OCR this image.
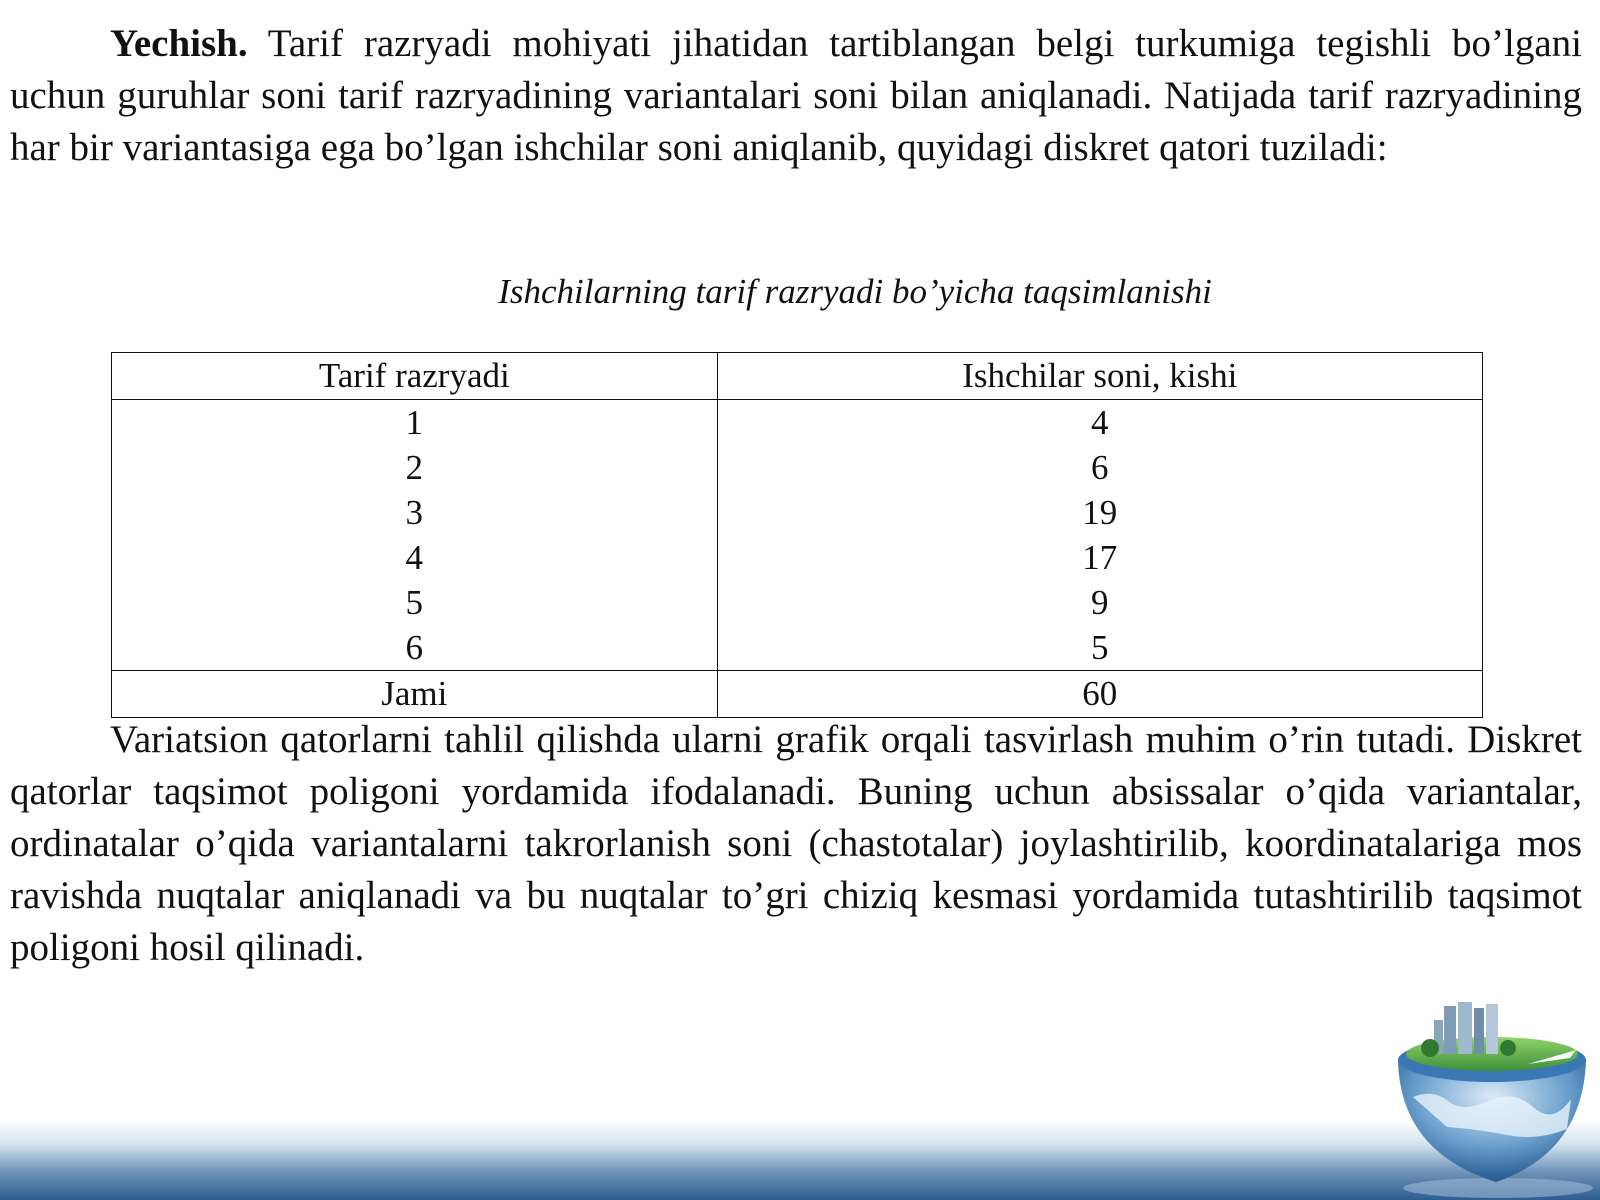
Yechish. Tarif razryadi mohiyati jihatidan tartiblangan belgi turkumiga tegishli bo’lgani uchun guruhlar soni tarif razryadining variantalari soni bilan aniqlanadi. Natijada tarif razryadining har bir variantasiga ega bo’lgan ishchilar soni aniqlanib, quyidagi diskret qatori tuziladi:

Ishchilarning tarif razryadi bo’yicha taqsimlanishi
Tarif razryadi	Ishchilar soni, kishi
1	4
2	6
3	19
4	17
5	9
6	5
Jami	60

Variatsion qatorlarni tahlil qilishda ularni grafik orqali tasvirlash muhim o’rin tutadi. Diskret qatorlar taqsimot poligoni yordamida ifodalanadi. Buning uchun absissalar o’qida variantalar, ordinatalar o’qida variantalarni takrorlanish soni (chastotalar) joylashtirilib, koordinatalariga mos ravishda nuqtalar aniqlanadi va bu nuqtalar to’gri chiziq kesmasi yordamida tutashtirilib taqsimot poligoni hosil qilinadi.
